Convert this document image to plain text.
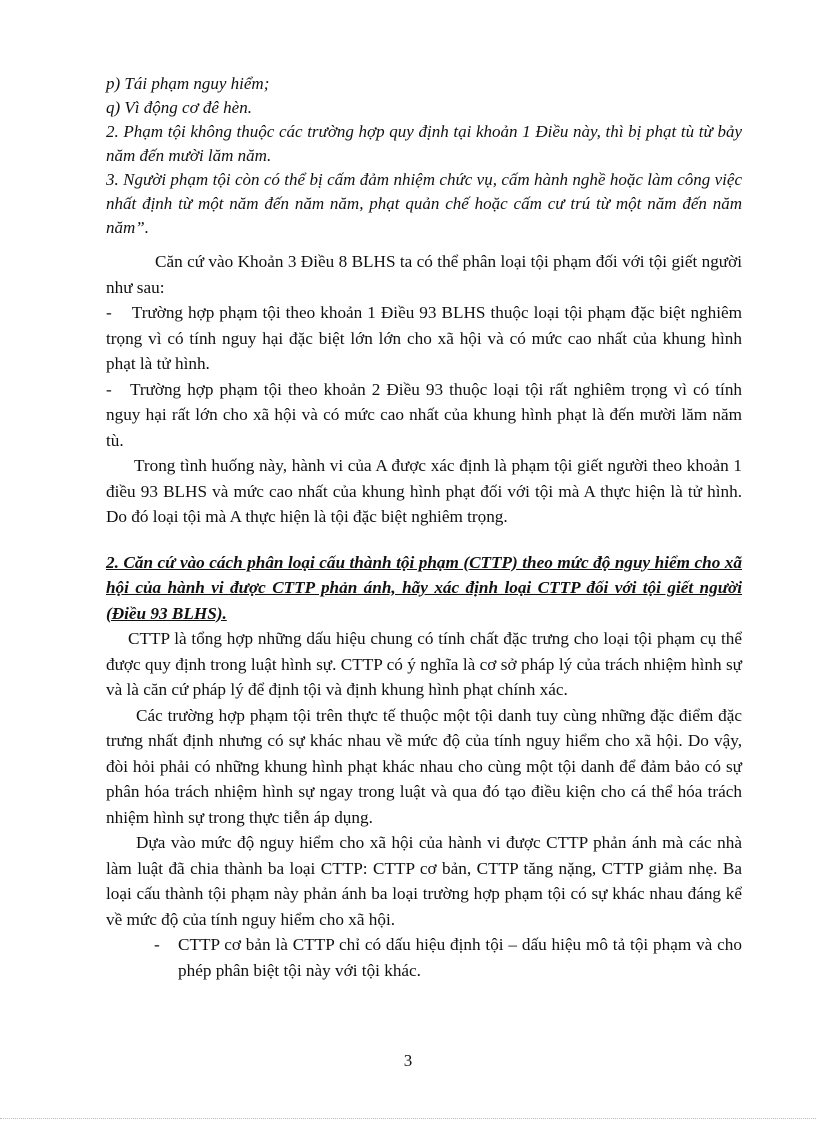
p) Tái phạm nguy hiểm;

q) Vì động cơ đê hèn.

2. Phạm tội không thuộc các trường hợp quy định tại khoản 1 Điều này, thì bị phạt tù từ bảy năm đến mười lăm năm.

3. Người phạm tội còn có thể bị cấm đảm nhiệm chức vụ, cấm hành nghề hoặc làm công việc nhất định từ một năm đến năm năm, phạt quản chế hoặc cấm cư trú từ một năm đến năm năm”.

Căn cứ vào Khoản 3 Điều 8 BLHS ta có thể phân loại tội phạm đối với tội giết người như sau:

- Trường hợp phạm tội theo khoản 1 Điều 93 BLHS thuộc loại tội phạm đặc biệt nghiêm trọng vì có tính nguy hại đặc biệt lớn lớn cho xã hội và có mức cao nhất của khung hình phạt là tử hình.

- Trường hợp phạm tội theo khoản 2 Điều 93 thuộc loại tội rất nghiêm trọng vì có tính nguy hại rất lớn cho xã hội và có mức cao nhất của khung hình phạt là đến mười lăm năm tù.

Trong tình huống này, hành vi của A được xác định là phạm tội giết người theo khoản 1 điều 93 BLHS và mức cao nhất của khung hình phạt đối với tội mà A thực hiện là tử hình. Do đó loại tội mà A thực hiện là tội đặc biệt nghiêm trọng.

2. Căn cứ vào cách phân loại cấu thành tội phạm (CTTP) theo mức độ nguy hiểm cho xã hội của hành vi được CTTP phản ánh, hãy xác định loại CTTP đối với tội giết người (Điều 93 BLHS).

CTTP là tổng hợp những dấu hiệu chung có tính chất đặc trưng cho loại tội phạm cụ thể được quy định trong luật hình sự. CTTP có ý nghĩa là cơ sở pháp lý của trách nhiệm hình sự và là căn cứ pháp lý để định tội và định khung hình phạt chính xác.

Các trường hợp phạm tội trên thực tế thuộc một tội danh tuy cùng những đặc điểm đặc trưng nhất định nhưng có sự khác nhau về mức độ của tính nguy hiểm cho xã hội. Do vậy, đòi hỏi phải có những khung hình phạt khác nhau cho cùng một tội danh để đảm bảo có sự phân hóa trách nhiệm hình sự ngay trong luật và qua đó tạo điều kiện cho cá thể hóa trách nhiệm hình sự trong thực tiễn áp dụng.

Dựa vào mức độ nguy hiểm cho xã hội của hành vi được CTTP phản ánh mà các nhà làm luật đã chia thành ba loại CTTP: CTTP cơ bản, CTTP tăng nặng, CTTP giảm nhẹ. Ba loại cấu thành tội phạm này phản ánh ba loại trường hợp phạm tội có sự khác nhau đáng kể về mức độ của tính nguy hiểm cho xã hội.

- CTTP cơ bản là CTTP chỉ có dấu hiệu định tội – dấu hiệu mô tả tội phạm và cho phép phân biệt tội này với tội khác.
3
